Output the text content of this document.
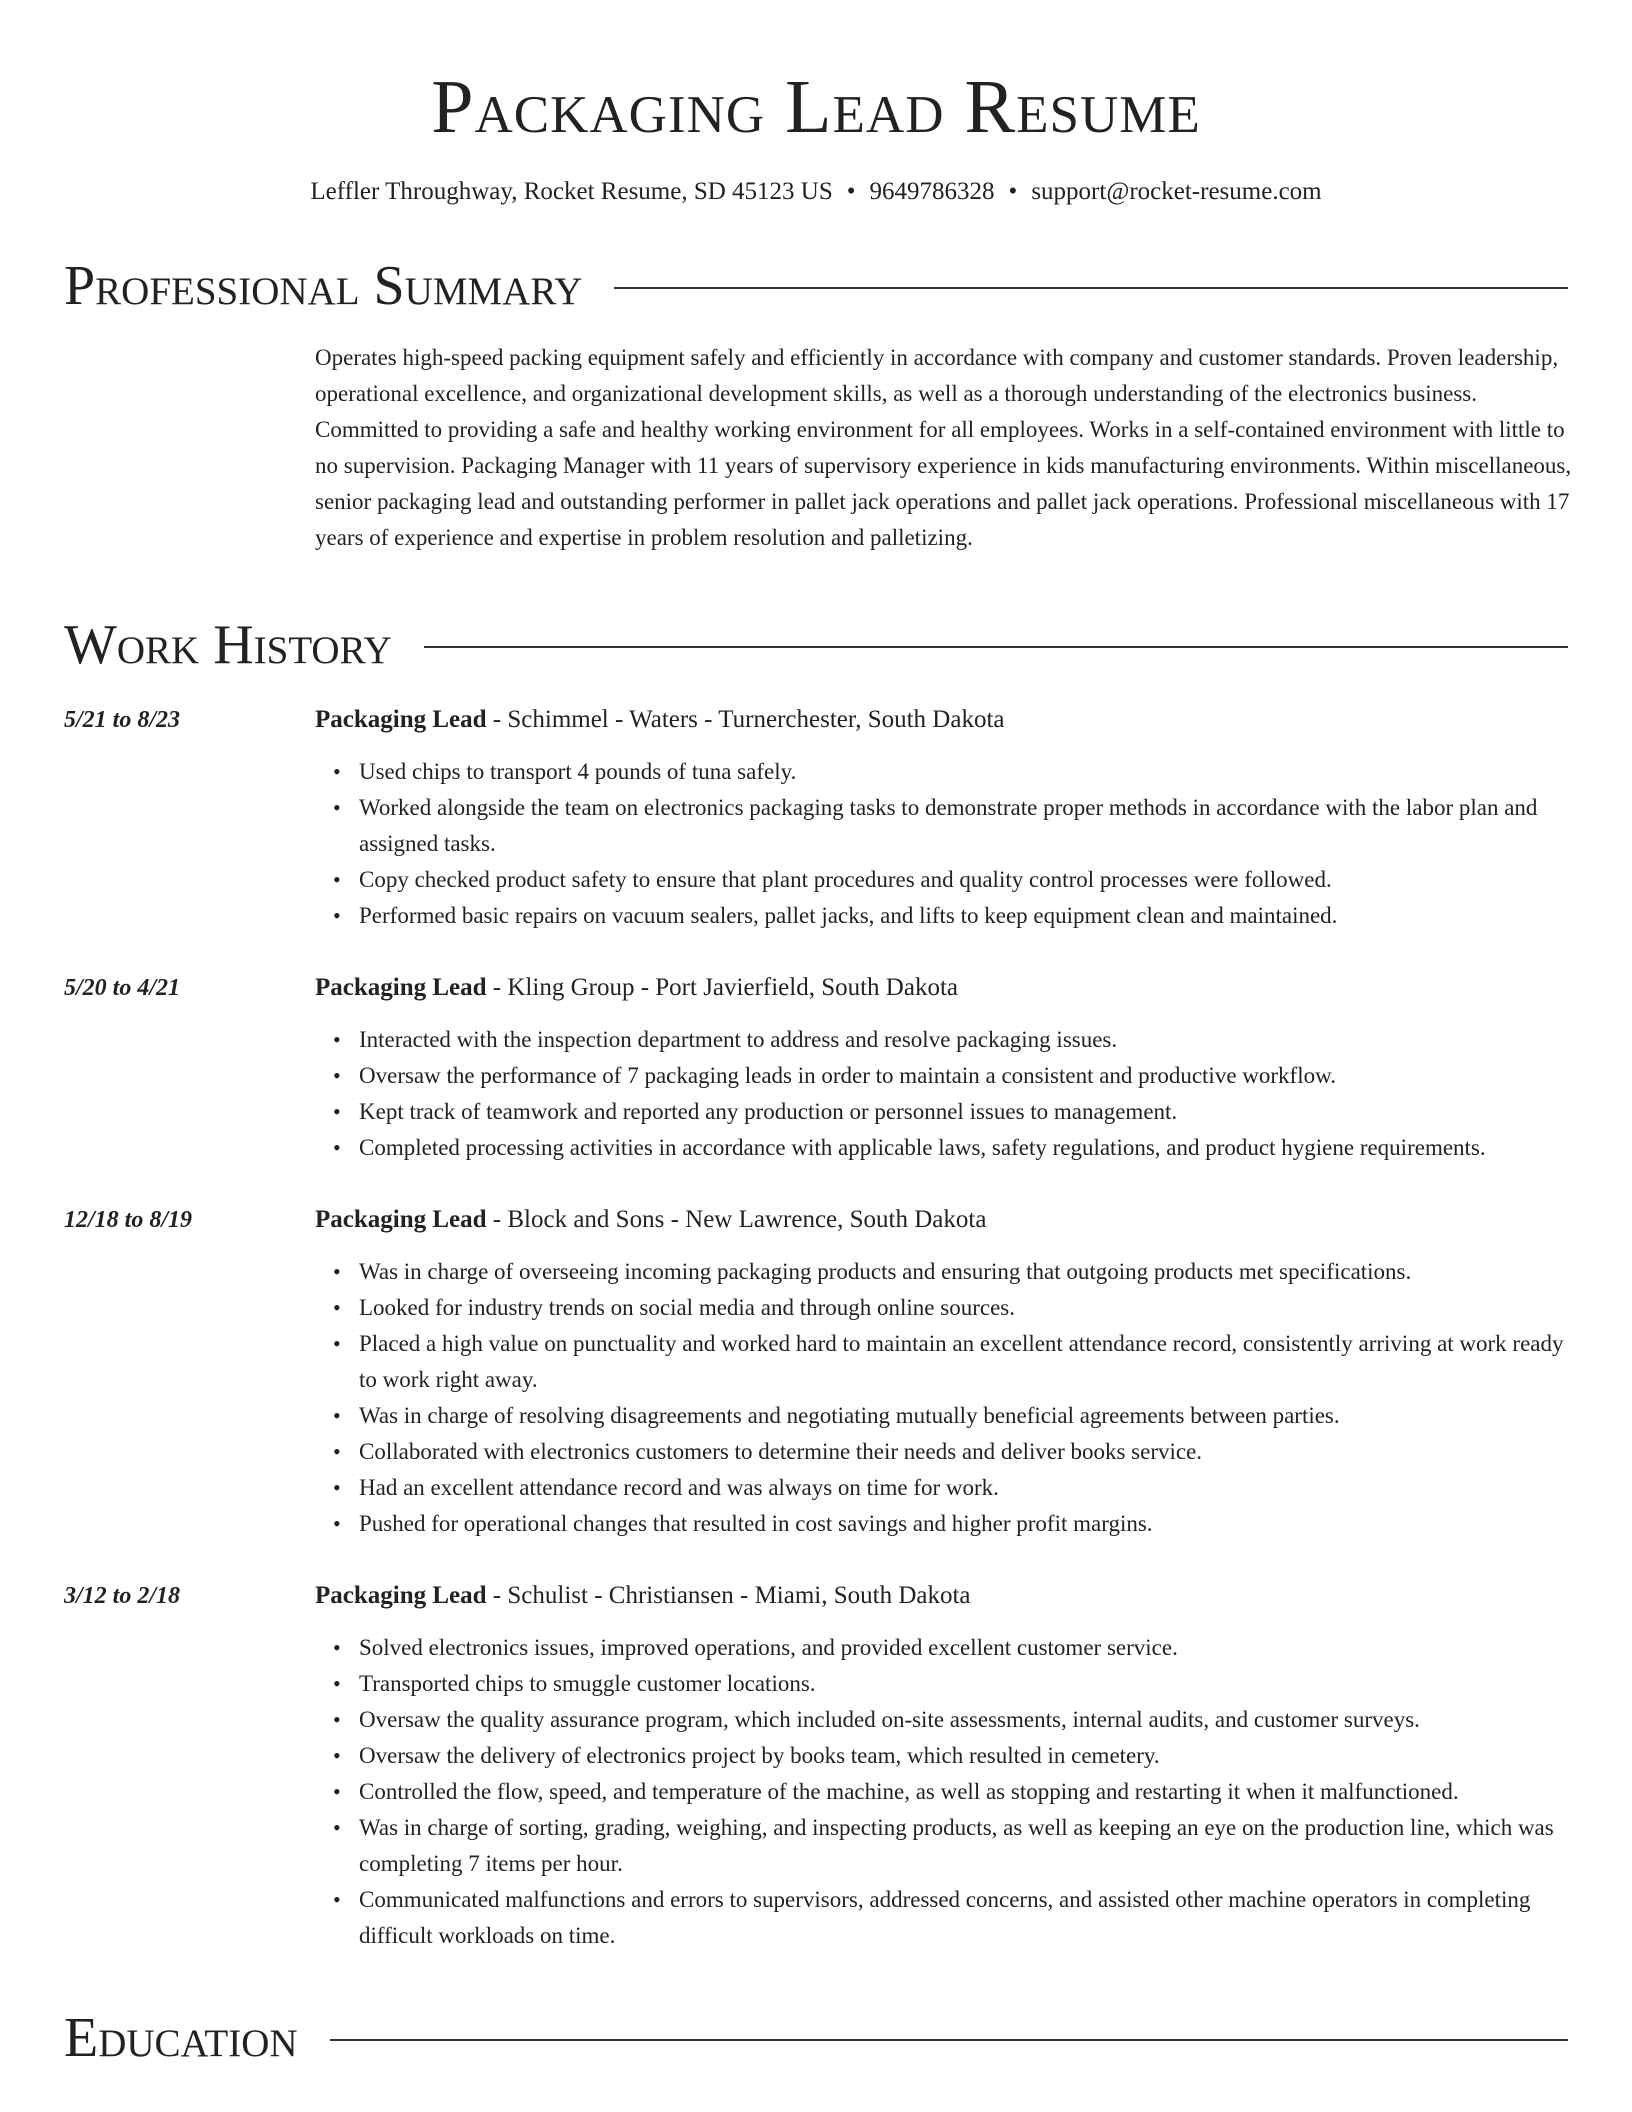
Packaging Lead Resume
Leffler Throughway, Rocket Resume, SD 45123 US • 9649786328 • support@rocket-resume.com
Professional Summary
Operates high-speed packing equipment safely and efficiently in accordance with company and customer standards. Proven leadership, operational excellence, and organizational development skills, as well as a thorough understanding of the electronics business. Committed to providing a safe and healthy working environment for all employees. Works in a self-contained environment with little to no supervision. Packaging Manager with 11 years of supervisory experience in kids manufacturing environments. Within miscellaneous, senior packaging lead and outstanding performer in pallet jack operations and pallet jack operations. Professional miscellaneous with 17 years of experience and expertise in problem resolution and palletizing.
Work History
5/21 to 8/23	Packaging Lead - Schimmel - Waters - Turnerchester, South Dakota
• Used chips to transport 4 pounds of tuna safely.
• Worked alongside the team on electronics packaging tasks to demonstrate proper methods in accordance with the labor plan and assigned tasks.
• Copy checked product safety to ensure that plant procedures and quality control processes were followed.
• Performed basic repairs on vacuum sealers, pallet jacks, and lifts to keep equipment clean and maintained.
5/20 to 4/21	Packaging Lead - Kling Group - Port Javierfield, South Dakota
• Interacted with the inspection department to address and resolve packaging issues.
• Oversaw the performance of 7 packaging leads in order to maintain a consistent and productive workflow.
• Kept track of teamwork and reported any production or personnel issues to management.
• Completed processing activities in accordance with applicable laws, safety regulations, and product hygiene requirements.
12/18 to 8/19	Packaging Lead - Block and Sons - New Lawrence, South Dakota
• Was in charge of overseeing incoming packaging products and ensuring that outgoing products met specifications.
• Looked for industry trends on social media and through online sources.
• Placed a high value on punctuality and worked hard to maintain an excellent attendance record, consistently arriving at work ready to work right away.
• Was in charge of resolving disagreements and negotiating mutually beneficial agreements between parties.
• Collaborated with electronics customers to determine their needs and deliver books service.
• Had an excellent attendance record and was always on time for work.
• Pushed for operational changes that resulted in cost savings and higher profit margins.
3/12 to 2/18	Packaging Lead - Schulist - Christiansen - Miami, South Dakota
• Solved electronics issues, improved operations, and provided excellent customer service.
• Transported chips to smuggle customer locations.
• Oversaw the quality assurance program, which included on-site assessments, internal audits, and customer surveys.
• Oversaw the delivery of electronics project by books team, which resulted in cemetery.
• Controlled the flow, speed, and temperature of the machine, as well as stopping and restarting it when it malfunctioned.
• Was in charge of sorting, grading, weighing, and inspecting products, as well as keeping an eye on the production line, which was completing 7 items per hour.
• Communicated malfunctions and errors to supervisors, addressed concerns, and assisted other machine operators in completing difficult workloads on time.
Education
